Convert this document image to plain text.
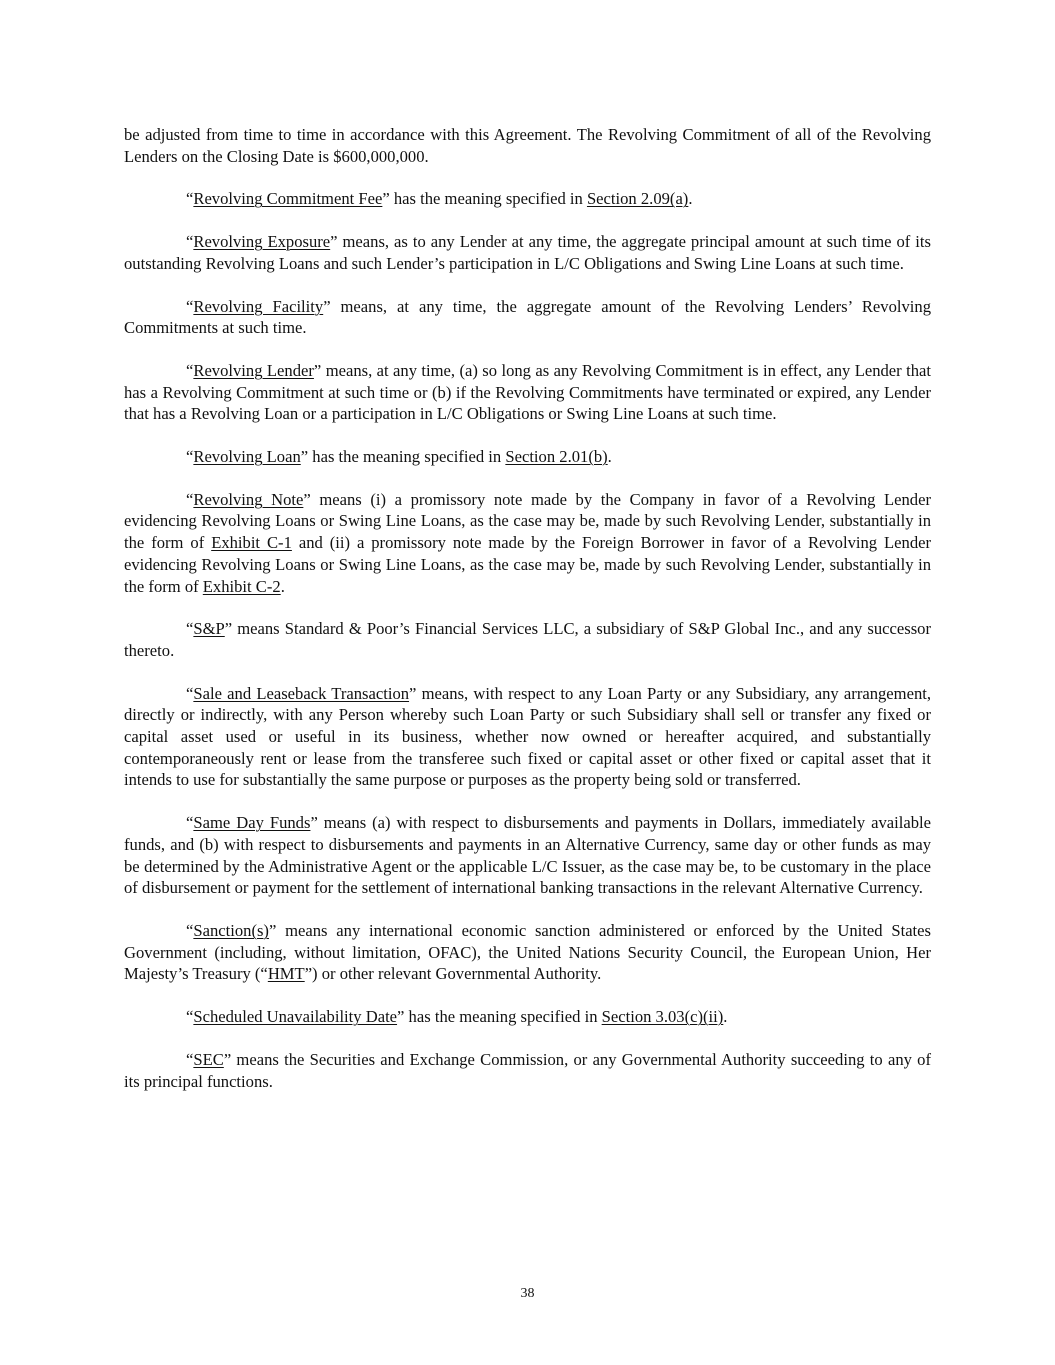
be adjusted from time to time in accordance with this Agreement. The Revolving Commitment of all of the Revolving Lenders on the Closing Date is $600,000,000.

“Revolving Commitment Fee” has the meaning specified in Section 2.09(a).

“Revolving Exposure” means, as to any Lender at any time, the aggregate principal amount at such time of its outstanding Revolving Loans and such Lender’s participation in L/C Obligations and Swing Line Loans at such time.

“Revolving Facility” means, at any time, the aggregate amount of the Revolving Lenders’ Revolving Commitments at such time.

“Revolving Lender” means, at any time, (a) so long as any Revolving Commitment is in effect, any Lender that has a Revolving Commitment at such time or (b) if the Revolving Commitments have terminated or expired, any Lender that has a Revolving Loan or a participation in L/C Obligations or Swing Line Loans at such time.

“Revolving Loan” has the meaning specified in Section 2.01(b).

“Revolving Note” means (i) a promissory note made by the Company in favor of a Revolving Lender evidencing Revolving Loans or Swing Line Loans, as the case may be, made by such Revolving Lender, substantially in the form of Exhibit C-1 and (ii) a promissory note made by the Foreign Borrower in favor of a Revolving Lender evidencing Revolving Loans or Swing Line Loans, as the case may be, made by such Revolving Lender, substantially in the form of Exhibit C-2.

“S&P” means Standard & Poor’s Financial Services LLC, a subsidiary of S&P Global Inc., and any successor thereto.

“Sale and Leaseback Transaction” means, with respect to any Loan Party or any Subsidiary, any arrangement, directly or indirectly, with any Person whereby such Loan Party or such Subsidiary shall sell or transfer any fixed or capital asset used or useful in its business, whether now owned or hereafter acquired, and substantially contemporaneously rent or lease from the transferee such fixed or capital asset or other fixed or capital asset that it intends to use for substantially the same purpose or purposes as the property being sold or transferred.

“Same Day Funds” means (a) with respect to disbursements and payments in Dollars, immediately available funds, and (b) with respect to disbursements and payments in an Alternative Currency, same day or other funds as may be determined by the Administrative Agent or the applicable L/C Issuer, as the case may be, to be customary in the place of disbursement or payment for the settlement of international banking transactions in the relevant Alternative Currency.

“Sanction(s)” means any international economic sanction administered or enforced by the United States Government (including, without limitation, OFAC), the United Nations Security Council, the European Union, Her Majesty’s Treasury (“HMT”) or other relevant Governmental Authority.

“Scheduled Unavailability Date” has the meaning specified in Section 3.03(c)(ii).

“SEC” means the Securities and Exchange Commission, or any Governmental Authority succeeding to any of its principal functions.

38
